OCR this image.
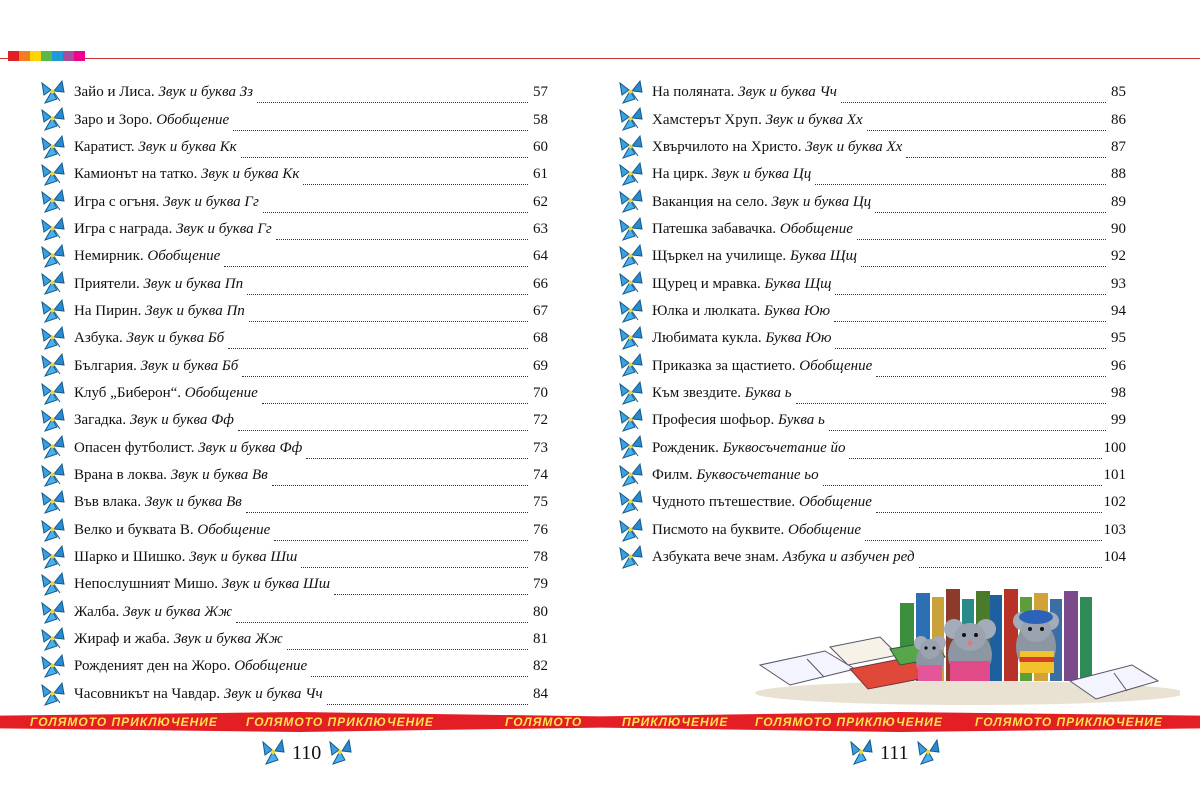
Зайо и Лиса. Звук и буква Зз	57
Заро и Зоро. Обобщение	58
Каратист. Звук и буква Кк	60
Камионът на татко. Звук и буква Кк	61
Игра с огъня. Звук и буква Гг	62
Игра с награда. Звук и буква Гг	63
Немирник. Обобщение	64
Приятели. Звук и буква Пп	66
На Пирин. Звук и буква Пп	67
Азбука. Звук и буква Бб	68
България. Звук и буква Бб	69
Клуб „Биберон“. Обобщение	70
Загадка. Звук и буква Фф	72
Опасен футболист. Звук и буква Фф	73
Врана в локва. Звук и буква Вв	74
Във влака. Звук и буква Вв	75
Велко и буквата В. Обобщение	76
Шарко и Шишко. Звук и буква Шш	78
Непослушният Мишо. Звук и буква Шш	79
Жалба. Звук и буква Жж	80
Жираф и жаба. Звук и буква Жж	81
Рожденият ден на Жоро. Обобщение	82
Часовникът на Чавдар. Звук и буква Чч	84
На поляната. Звук и буква Чч	85
Хамстерът Хруп. Звук и буква Хх	86
Хвърчилото на Христо. Звук и буква Хх	87
На цирк. Звук и буква Цц	88
Ваканция на село. Звук и буква Цц	89
Патешка забавачка. Обобщение	90
Щъркел на училище. Буква Щщ	92
Щурец и мравка. Буква Щщ	93
Юлка и люлката. Буква Юю	94
Любимата кукла. Буква Юю	95
Приказка за щастието. Обобщение	96
Към звездите. Буква ь	98
Професия шофьор. Буква ь	99
Рожденик. Буквосъчетание йо	100
Филм. Буквосъчетание ьо	101
Чудното пътешествие. Обобщение	102
Писмото на буквите. Обобщение	103
Азбуката вече знам. Азбука и азбучен ред	104
ГОЛЯМОТО ПРИКЛЮЧЕНИЕ ГОЛЯМОТО ПРИКЛЮЧЕНИЕ	ГОЛЯМОТО	ПРИКЛЮЧЕНИЕ ГОЛЯМОТО ПРИКЛЮЧЕНИЕ	ГОЛЯМОТО ПРИКЛЮЧЕНИЕ
110	111
